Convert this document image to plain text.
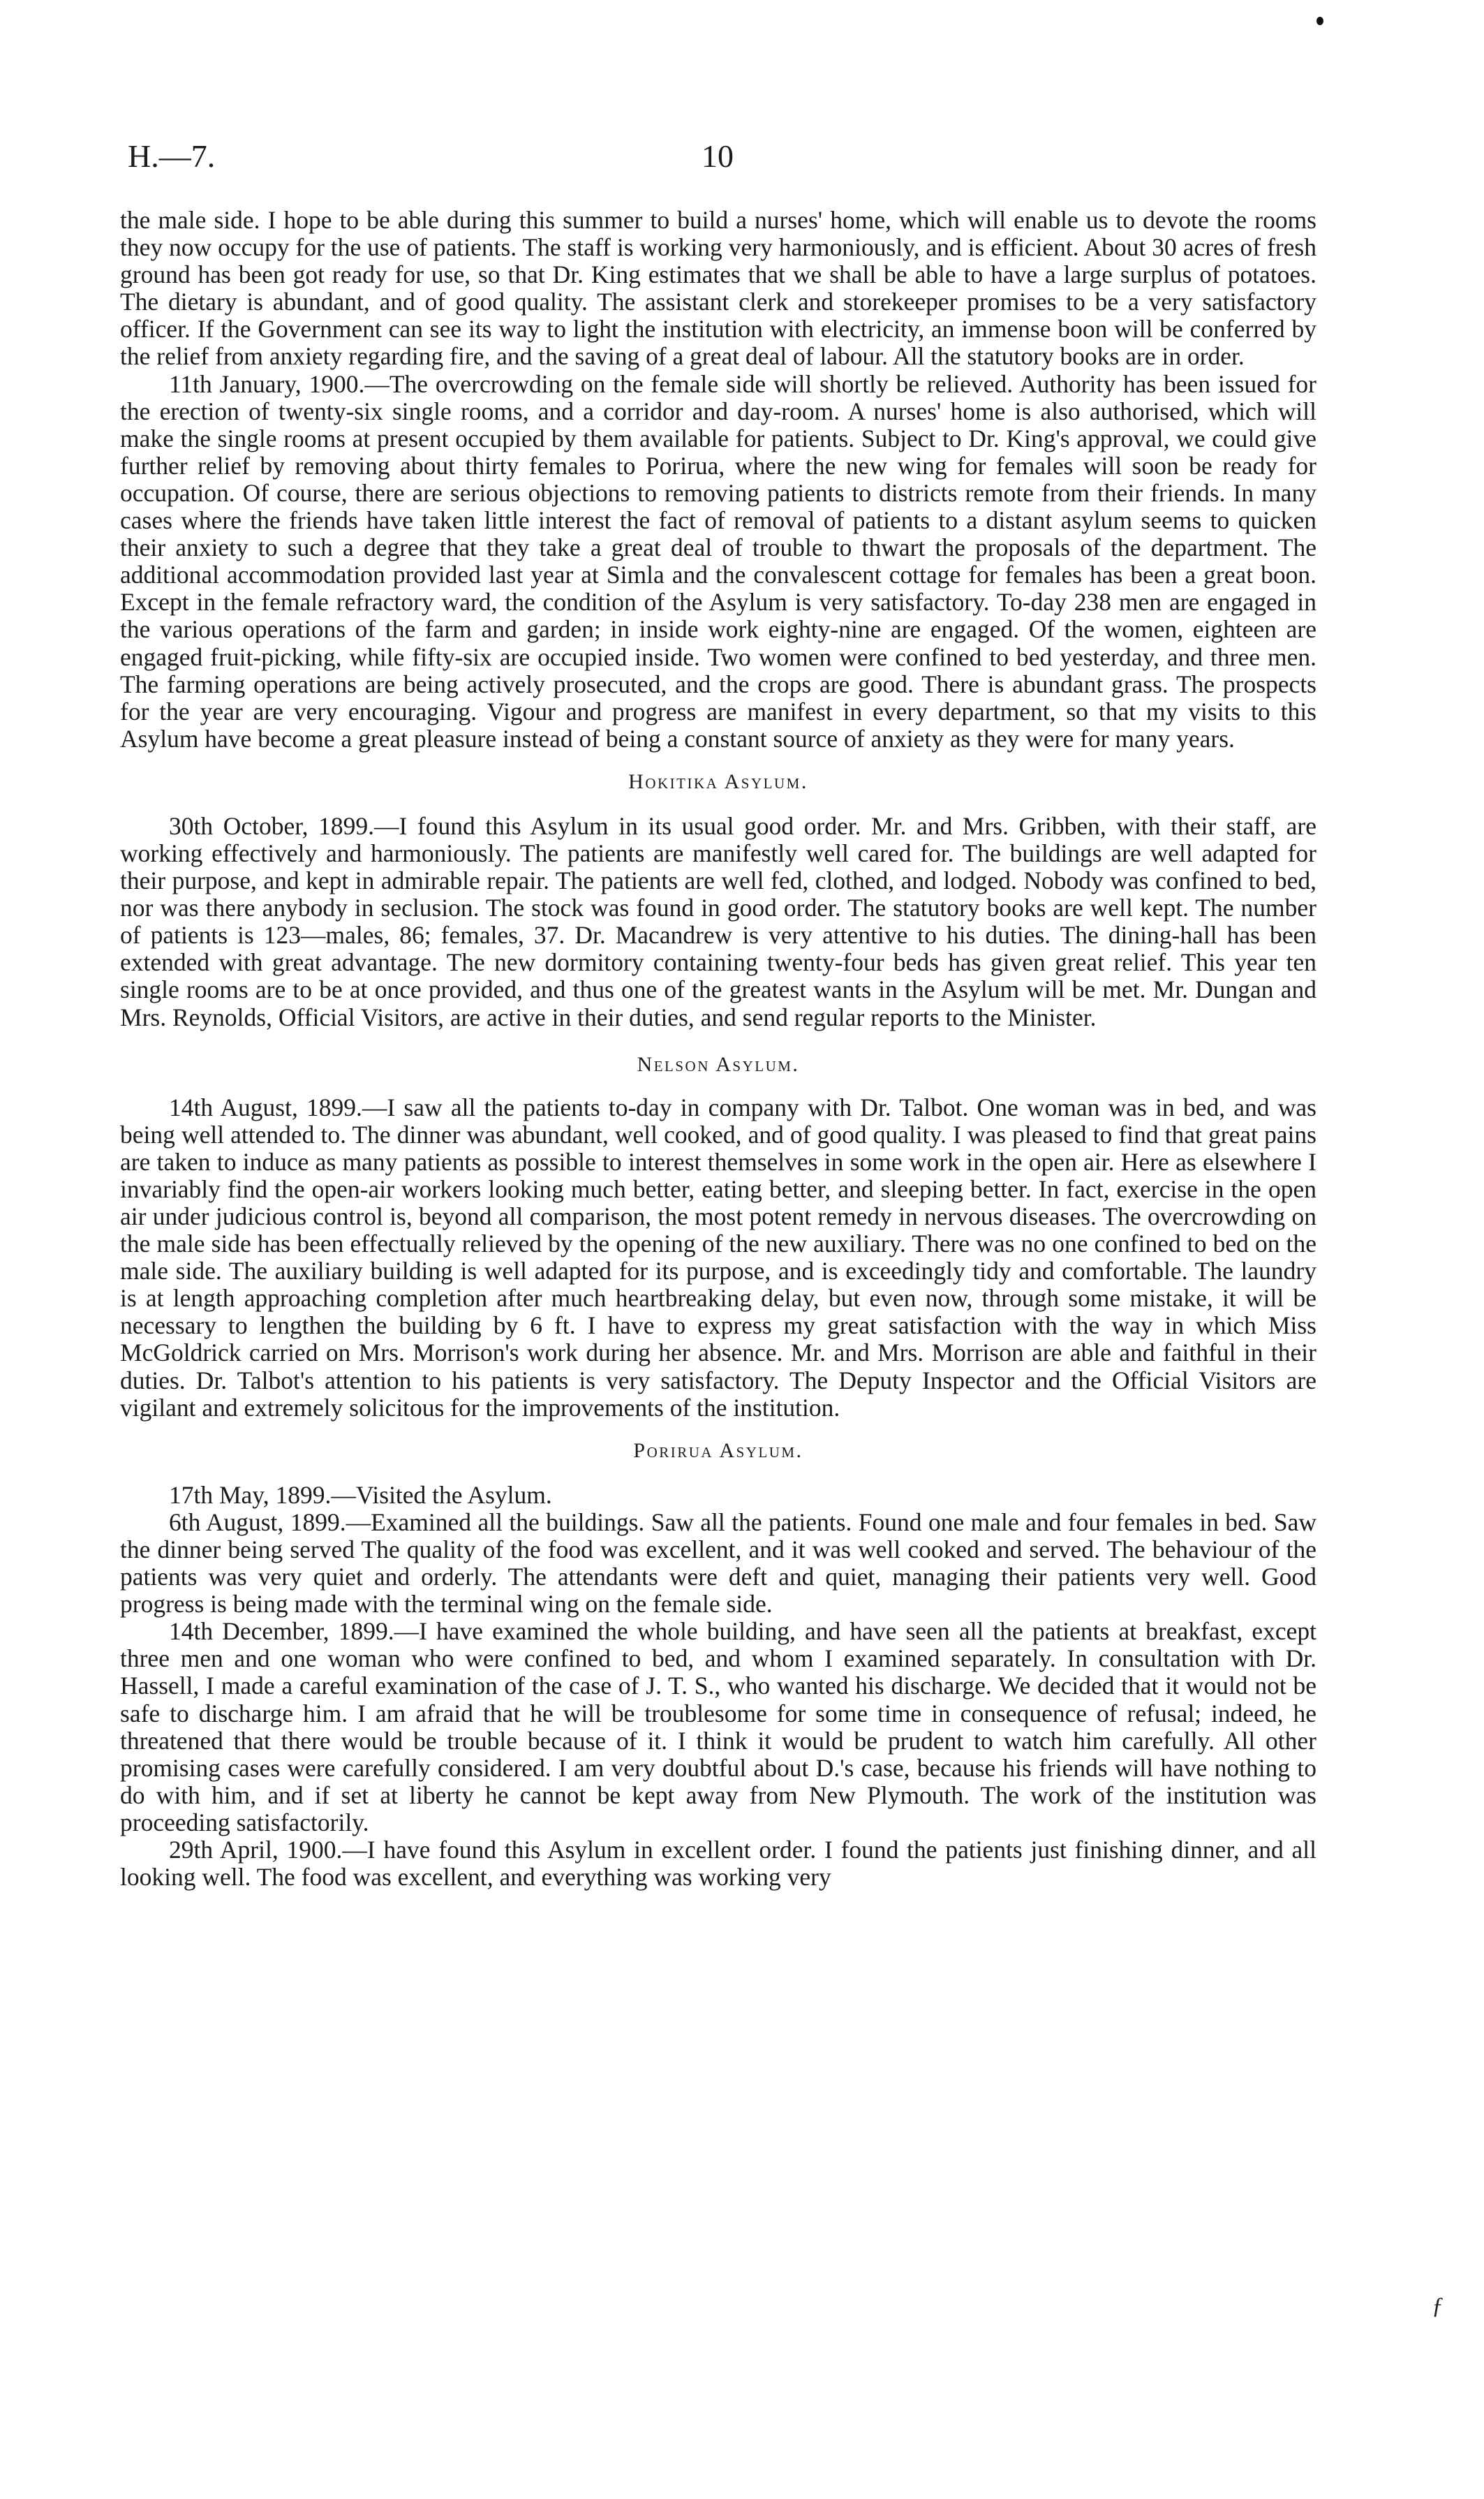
H.—7.	10

the male side. I hope to be able during this summer to build a nurses' home, which will enable us to devote the rooms they now occupy for the use of patients. The staff is working very harmoniously, and is efficient. About 30 acres of fresh ground has been got ready for use, so that Dr. King estimates that we shall be able to have a large surplus of potatoes. The dietary is abundant, and of good quality. The assistant clerk and storekeeper promises to be a very satisfactory officer. If the Government can see its way to light the institution with electricity, an immense boon will be conferred by the relief from anxiety regarding fire, and the saving of a great deal of labour. All the statutory books are in order.

11th January, 1900.—The overcrowding on the female side will shortly be relieved. Authority has been issued for the erection of twenty-six single rooms, and a corridor and day-room. A nurses' home is also authorised, which will make the single rooms at present occupied by them available for patients. Subject to Dr. King's approval, we could give further relief by removing about thirty females to Porirua, where the new wing for females will soon be ready for occupation. Of course, there are serious objections to removing patients to districts remote from their friends. In many cases where the friends have taken little interest the fact of removal of patients to a distant asylum seems to quicken their anxiety to such a degree that they take a great deal of trouble to thwart the proposals of the department. The additional accommodation provided last year at Simla and the convalescent cottage for females has been a great boon. Except in the female refractory ward, the condition of the Asylum is very satisfactory. To-day 238 men are engaged in the various operations of the farm and garden; in inside work eighty-nine are engaged. Of the women, eighteen are engaged fruit-picking, while fifty-six are occupied inside. Two women were confined to bed yesterday, and three men. The farming operations are being actively prosecuted, and the crops are good. There is abundant grass. The prospects for the year are very encouraging. Vigour and progress are manifest in every department, so that my visits to this Asylum have become a great pleasure instead of being a constant source of anxiety as they were for many years.

Hokitika Asylum.

30th October, 1899.—I found this Asylum in its usual good order. Mr. and Mrs. Gribben, with their staff, are working effectively and harmoniously. The patients are manifestly well cared for. The buildings are well adapted for their purpose, and kept in admirable repair. The patients are well fed, clothed, and lodged. Nobody was confined to bed, nor was there anybody in seclusion. The stock was found in good order. The statutory books are well kept. The number of patients is 123—males, 86; females, 37. Dr. Macandrew is very attentive to his duties. The dining-hall has been extended with great advantage. The new dormitory containing twenty-four beds has given great relief. This year ten single rooms are to be at once provided, and thus one of the greatest wants in the Asylum will be met. Mr. Dungan and Mrs. Reynolds, Official Visitors, are active in their duties, and send regular reports to the Minister.

Nelson Asylum.

14th August, 1899.—I saw all the patients to-day in company with Dr. Talbot. One woman was in bed, and was being well attended to. The dinner was abundant, well cooked, and of good quality. I was pleased to find that great pains are taken to induce as many patients as possible to interest themselves in some work in the open air. Here as elsewhere I invariably find the open-air workers looking much better, eating better, and sleeping better. In fact, exercise in the open air under judicious control is, beyond all comparison, the most potent remedy in nervous diseases. The overcrowding on the male side has been effectually relieved by the opening of the new auxiliary. There was no one confined to bed on the male side. The auxiliary building is well adapted for its purpose, and is exceedingly tidy and comfortable. The laundry is at length approaching completion after much heartbreaking delay, but even now, through some mistake, it will be necessary to lengthen the building by 6 ft. I have to express my great satisfaction with the way in which Miss McGoldrick carried on Mrs. Morrison's work during her absence. Mr. and Mrs. Morrison are able and faithful in their duties. Dr. Talbot's attention to his patients is very satisfactory. The Deputy Inspector and the Official Visitors are vigilant and extremely solicitous for the improvements of the institution.

Porirua Asylum.

17th May, 1899.—Visited the Asylum.

6th August, 1899.—Examined all the buildings. Saw all the patients. Found one male and four females in bed. Saw the dinner being served The quality of the food was excellent, and it was well cooked and served. The behaviour of the patients was very quiet and orderly. The attendants were deft and quiet, managing their patients very well. Good progress is being made with the terminal wing on the female side.

14th December, 1899.—I have examined the whole building, and have seen all the patients at breakfast, except three men and one woman who were confined to bed, and whom I examined separately. In consultation with Dr. Hassell, I made a careful examination of the case of J. T. S., who wanted his discharge. We decided that it would not be safe to discharge him. I am afraid that he will be troublesome for some time in consequence of refusal; indeed, he threatened that there would be trouble because of it. I think it would be prudent to watch him carefully. All other promising cases were carefully considered. I am very doubtful about D.'s case, because his friends will have nothing to do with him, and if set at liberty he cannot be kept away from New Plymouth. The work of the institution was proceeding satisfactorily.

29th April, 1900.—I have found this Asylum in excellent order. I found the patients just finishing dinner, and all looking well. The food was excellent, and everything was working very

ƒ
